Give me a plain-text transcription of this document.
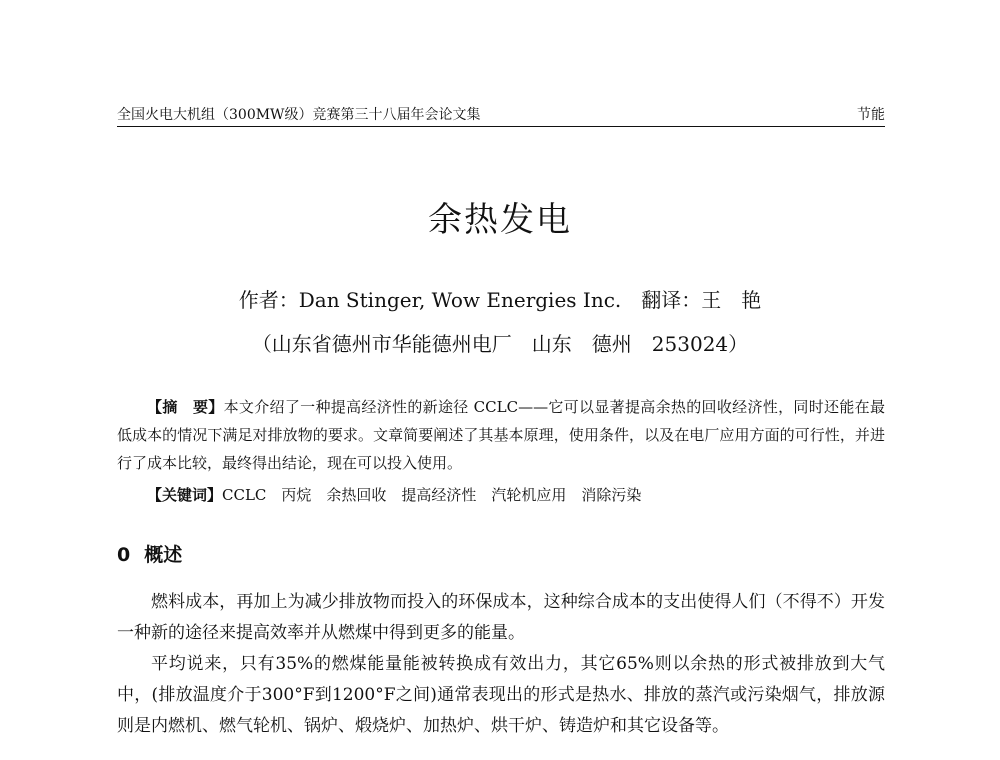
全国火电大机组（300MW级）竞赛第三十八届年会论文集	节能
余热发电
作者：Dan Stinger, Wow Energies Inc.　翻译：王　艳
（山东省德州市华能德州电厂　山东　德州　253024）

【摘　要】本文介绍了一种提高经济性的新途径 CCLC——它可以显著提高余热的回收经济性，同时还能在最低成本的情况下满足对排放物的要求。文章简要阐述了其基本原理，使用条件，以及在电厂应用方面的可行性，并进行了成本比较，最终得出结论，现在可以投入使用。

【关键词】CCLC　丙烷　余热回收　提高经济性　汽轮机应用　消除污染
0 概述

燃料成本，再加上为减少排放物而投入的环保成本，这种综合成本的支出使得人们（不得不）开发一种新的途径来提高效率并从燃煤中得到更多的能量。

平均说来，只有35%的燃煤能量能被转换成有效出力，其它65%则以余热的形式被排放到大气中，(排放温度介于300°F到1200°F之间)通常表现出的形式是热水、排放的蒸汽或污染烟气，排放源则是内燃机、燃气轮机、锅炉、煅烧炉、加热炉、烘干炉、铸造炉和其它设备等。
